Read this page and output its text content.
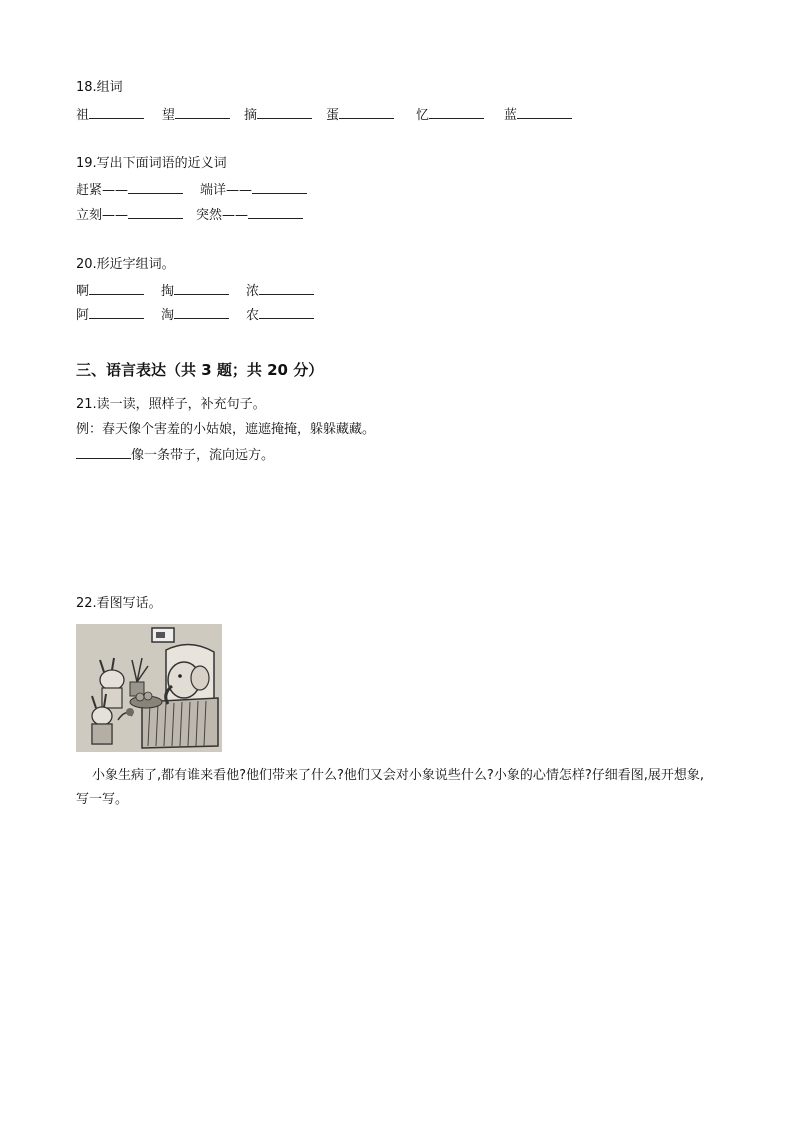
18.组词
祖	望	摘	蛋	忆	蓝
19.写出下面词语的近义词
赶紧——	端详——
立刻——	突然——
20.形近字组词。
啊	掏	浓
阿	淘	农
三、语言表达（共 3 题；共 20 分）
21.读一读，照样子，补充句子。
例：春天像个害羞的小姑娘，遮遮掩掩，躲躲藏藏。
像一条带子，流向远方。
22.看图写话。
小象生病了,都有谁来看他?他们带来了什么?他们又会对小象说些什么?小象的心情怎样?仔细看图,展开想象,写一写。
